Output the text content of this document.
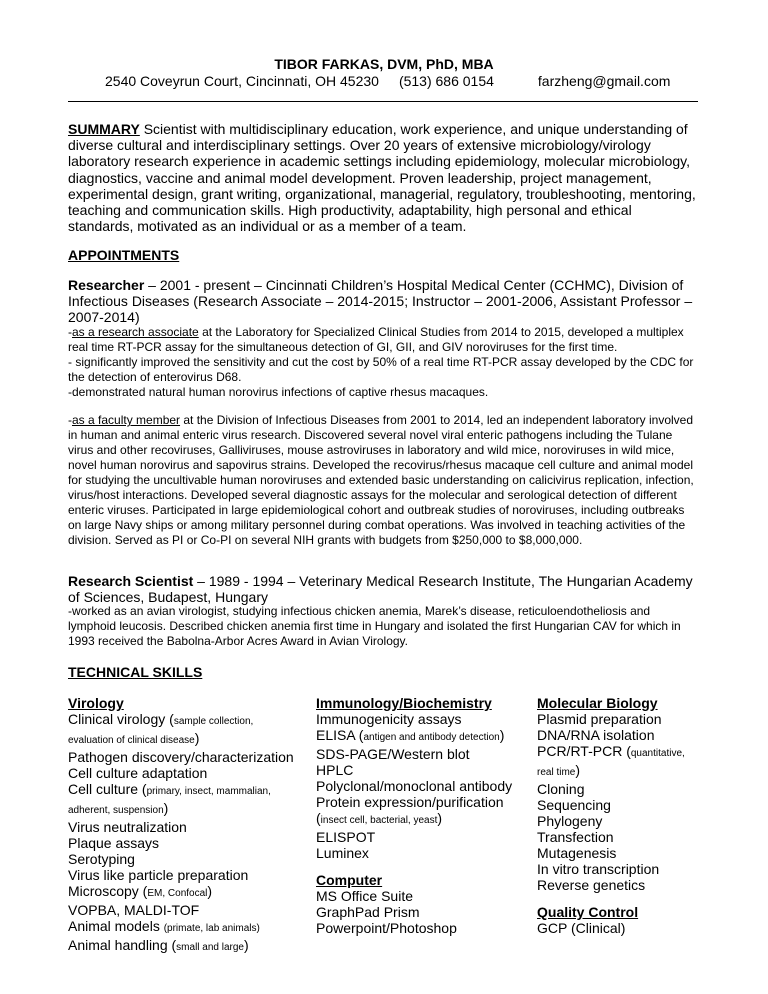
TIBOR FARKAS, DVM, PhD, MBA
2540 Coveyrun Court, Cincinnati, OH 45230 (513) 686 0154	farzheng@gmail.com
SUMMARY Scientist with multidisciplinary education, work experience, and unique understanding of diverse cultural and interdisciplinary settings. Over 20 years of extensive microbiology/virology laboratory research experience in academic settings including epidemiology, molecular microbiology, diagnostics, vaccine and animal model development. Proven leadership, project management, experimental design, grant writing, organizational, managerial, regulatory, troubleshooting, mentoring, teaching and communication skills. High productivity, adaptability, high personal and ethical standards, motivated as an individual or as a member of a team.
APPOINTMENTS
Researcher – 2001 - present – Cincinnati Children’s Hospital Medical Center (CCHMC), Division of Infectious Diseases (Research Associate – 2014-2015; Instructor – 2001-2006, Assistant Professor – 2007-2014)
-as a research associate at the Laboratory for Specialized Clinical Studies from 2014 to 2015, developed a multiplex real time RT-PCR assay for the simultaneous detection of GI, GII, and GIV noroviruses for the first time.
- significantly improved the sensitivity and cut the cost by 50% of a real time RT-PCR assay developed by the CDC for the detection of enterovirus D68.
-demonstrated natural human norovirus infections of captive rhesus macaques.
-as a faculty member at the Division of Infectious Diseases from 2001 to 2014, led an independent laboratory involved in human and animal enteric virus research. Discovered several novel viral enteric pathogens including the Tulane virus and other recoviruses, Galliviruses, mouse astroviruses in laboratory and wild mice, noroviruses in wild mice, novel human norovirus and sapovirus strains. Developed the recovirus/rhesus macaque cell culture and animal model for studying the uncultivable human noroviruses and extended basic understanding on calicivirus replication, infection, virus/host interactions. Developed several diagnostic assays for the molecular and serological detection of different enteric viruses. Participated in large epidemiological cohort and outbreak studies of noroviruses, including outbreaks on large Navy ships or among military personnel during combat operations. Was involved in teaching activities of the division. Served as PI or Co-PI on several NIH grants with budgets from $250,000 to $8,000,000.
Research Scientist – 1989 - 1994 – Veterinary Medical Research Institute, The Hungarian Academy of Sciences, Budapest, Hungary
-worked as an avian virologist, studying infectious chicken anemia, Marek’s disease, reticuloendotheliosis and lymphoid leucosis. Described chicken anemia first time in Hungary and isolated the first Hungarian CAV for which in 1993 received the Babolna-Arbor Acres Award in Avian Virology.
TECHNICAL SKILLS
Virology
Clinical virology (sample collection,
evaluation of clinical disease)
Pathogen discovery/characterization
Cell culture adaptation
Cell culture (primary, insect, mammalian,
adherent, suspension)
Virus neutralization
Plaque assays
Serotyping
Virus like particle preparation
Microscopy (EM, Confocal)
VOPBA, MALDI-TOF
Animal models (primate, lab animals)
Animal handling (small and large)
Immunology/Biochemistry
Immunogenicity assays
ELISA (antigen and antibody detection)
SDS-PAGE/Western blot
HPLC
Polyclonal/monoclonal antibody
Protein expression/purification
(insect cell, bacterial, yeast)
ELISPOT
Luminex
Computer
MS Office Suite
GraphPad Prism
Powerpoint/Photoshop
Molecular Biology
Plasmid preparation
DNA/RNA isolation
PCR/RT-PCR (quantitative,
real time)
Cloning
Sequencing
Phylogeny
Transfection
Mutagenesis
In vitro transcription
Reverse genetics
Quality Control
GCP (Clinical)
